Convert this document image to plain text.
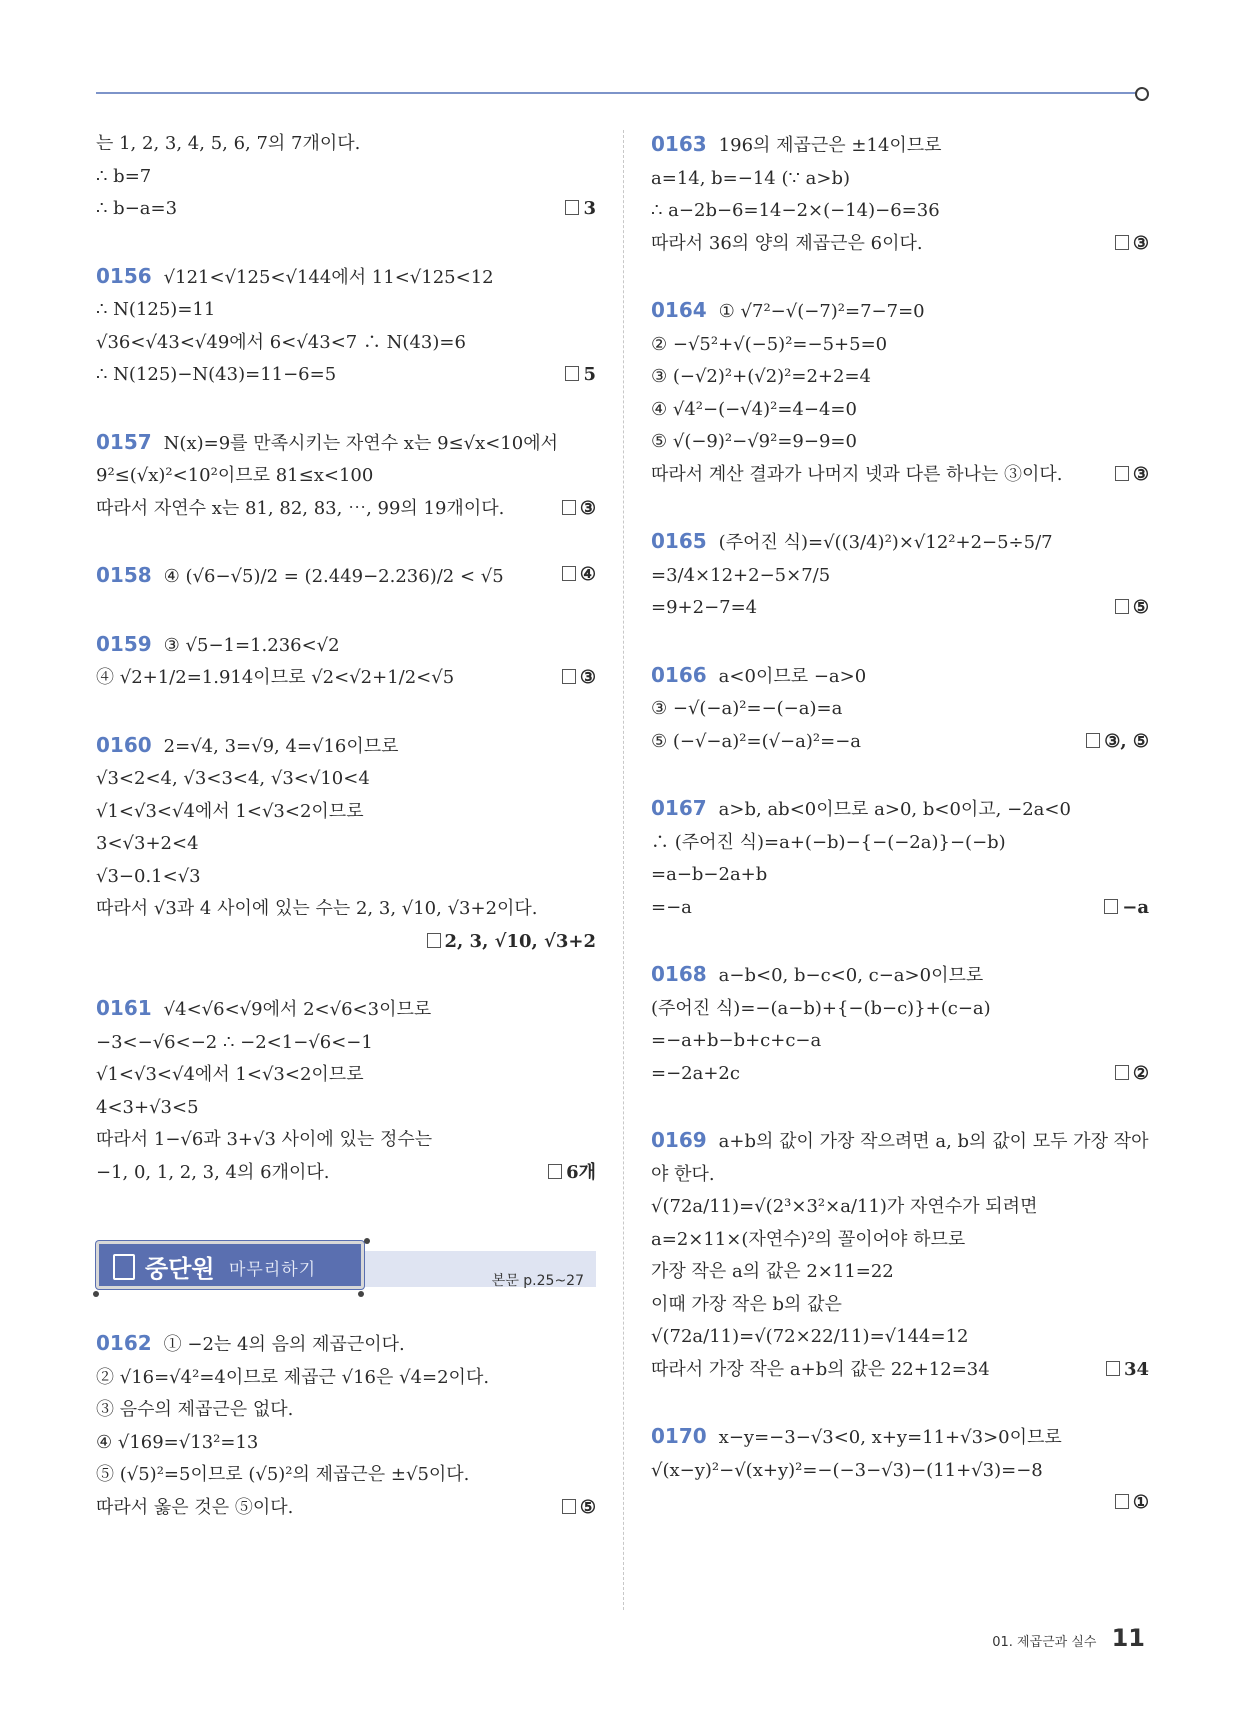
는 1, 2, 3, 4, 5, 6, 7의 7개이다.
∴ b=7
∴ b−a=3	3
0156 √121<√125<√144에서 11<√125<12
∴ N(125)=11
√36<√43<√49에서 6<√43<7 ∴ N(43)=6
∴ N(125)−N(43)=11−6=5	5
0157 N(x)=9를 만족시키는 자연수 x는 9≤√x<10에서
9²≤(√x)²<10²이므로 81≤x<100
따라서 자연수 x는 81, 82, 83, ⋯, 99의 19개이다.	③
0158 ④ (√6−√5)/2 = (2.449−2.236)/2 < √5	④
0159 ③ √5−1=1.236<√2
④ √2+1/2=1.914이므로 √2<√2+1/2<√5	③
0160 2=√4, 3=√9, 4=√16이므로
√3<2<4, √3<3<4, √3<√10<4
√1<√3<√4에서 1<√3<2이므로
3<√3+2<4
√3−0.1<√3
따라서 √3과 4 사이에 있는 수는 2, 3, √10, √3+2이다.
2, 3, √10, √3+2
0161 √4<√6<√9에서 2<√6<3이므로
−3<−√6<−2 ∴ −2<1−√6<−1
√1<√3<√4에서 1<√3<2이므로
4<3+√3<5
따라서 1−√6과 3+√3 사이에 있는 정수는
−1, 0, 1, 2, 3, 4의 6개이다.	6개
본문 p.25~27
중단원 마무리하기
0162 ① −2는 4의 음의 제곱근이다.
② √16=√4²=4이므로 제곱근 √16은 √4=2이다.
③ 음수의 제곱근은 없다.
④ √169=√13²=13
⑤ (√5)²=5이므로 (√5)²의 제곱근은 ±√5이다.
따라서 옳은 것은 ⑤이다.	⑤
0163 196의 제곱근은 ±14이므로
a=14, b=−14 (∵ a>b)
∴ a−2b−6=14−2×(−14)−6=36
따라서 36의 양의 제곱근은 6이다.	③
0164 ① √7²−√(−7)²=7−7=0
② −√5²+√(−5)²=−5+5=0
③ (−√2)²+(√2)²=2+2=4
④ √4²−(−√4)²=4−4=0
⑤ √(−9)²−√9²=9−9=0
따라서 계산 결과가 나머지 넷과 다른 하나는 ③이다.	③
0165 (주어진 식)=√((3/4)²)×√12²+2−5÷5/7
=3/4×12+2−5×7/5
=9+2−7=4	⑤
0166 a<0이므로 −a>0
③ −√(−a)²=−(−a)=a
⑤ (−√−a)²=(√−a)²=−a	③, ⑤
0167 a>b, ab<0이므로 a>0, b<0이고, −2a<0
∴ (주어진 식)=a+(−b)−{−(−2a)}−(−b)
=a−b−2a+b
=−a	−a
0168 a−b<0, b−c<0, c−a>0이므로
(주어진 식)=−(a−b)+{−(b−c)}+(c−a)
=−a+b−b+c+c−a
=−2a+2c	②
0169 a+b의 값이 가장 작으려면 a, b의 값이 모두 가장 작아
야 한다.
√(72a/11)=√(2³×3²×a/11)가 자연수가 되려면
a=2×11×(자연수)²의 꼴이어야 하므로
가장 작은 a의 값은 2×11=22
이때 가장 작은 b의 값은
√(72a/11)=√(72×22/11)=√144=12
따라서 가장 작은 a+b의 값은 22+12=34	34
0170 x−y=−3−√3<0, x+y=11+√3>0이므로
√(x−y)²−√(x+y)²=−(−3−√3)−(11+√3)=−8
①
01. 제곱근과 실수 11
